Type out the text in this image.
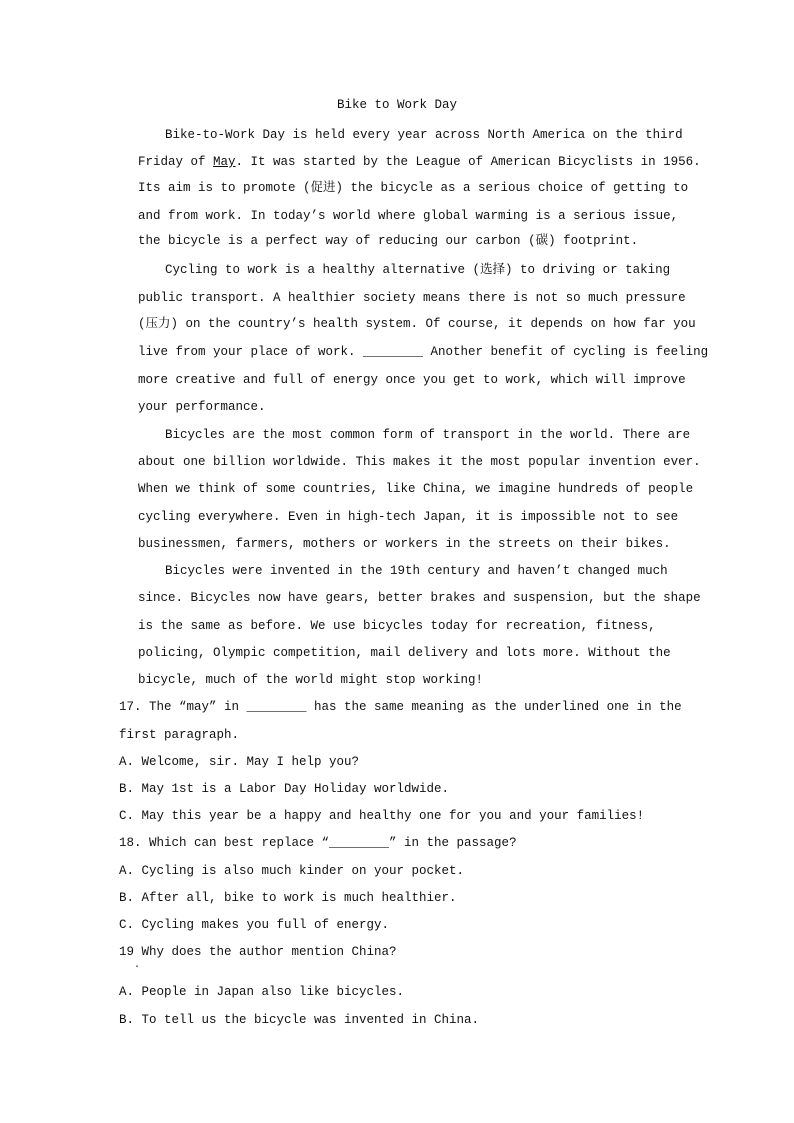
Bike to Work Day
Bike-to-Work Day is held every year across North America on the third
Friday of May. It was started by the League of American Bicyclists in 1956.
Its aim is to promote (促进) the bicycle as a serious choice of getting to
and from work. In today’s world where global warming is a serious issue,
the bicycle is a perfect way of reducing our carbon (碳) footprint.
Cycling to work is a healthy alternative (选择) to driving or taking
public transport. A healthier society means there is not so much pressure
(压力) on the country’s health system. Of course, it depends on how far you
live from your place of work. ________ Another benefit of cycling is feeling
more creative and full of energy once you get to work, which will improve
your performance.
Bicycles are the most common form of transport in the world. There are
about one billion worldwide. This makes it the most popular invention ever.
When we think of some countries, like China, we imagine hundreds of people
cycling everywhere. Even in high-tech Japan, it is impossible not to see
businessmen, farmers, mothers or workers in the streets on their bikes.
Bicycles were invented in the 19th century and haven’t changed much
since. Bicycles now have gears, better brakes and suspension, but the shape
is the same as before. We use bicycles today for recreation, fitness,
policing, Olympic competition, mail delivery and lots more. Without the
bicycle, much of the world might stop working!
17. The “may” in ________ has the same meaning as the underlined one in the
first paragraph.
A. Welcome, sir. May I help you?
B. May 1st is a Labor Day Holiday worldwide.
C. May this year be a happy and healthy one for you and your families!
18. Which can best replace “________” in the passage?
A. Cycling is also much kinder on your pocket.
B. After all, bike to work is much healthier.
C. Cycling makes you full of energy.
19 Why does the author mention China?
·
A. People in Japan also like bicycles.
B. To tell us the bicycle was invented in China.
